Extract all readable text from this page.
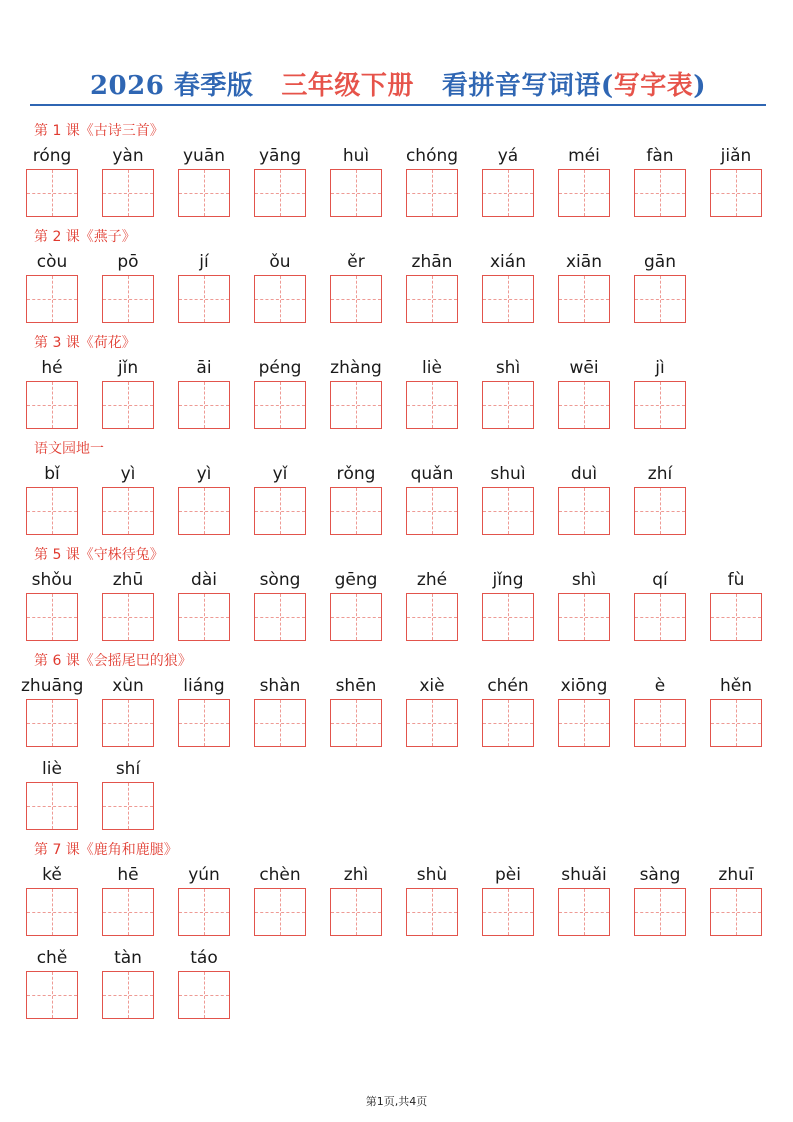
2026 春季版 三年级下册 看拼音写词语(写字表)
第 1 课《古诗三首》
róng	yàn	yuān	yāng	huì	chóng	yá	méi	fàn	jiǎn
第 2 课《燕子》
còu	pō	jí	ǒu	ěr	zhān	xián	xiān	gān
第 3 课《荷花》
hé	jǐn	āi	péng	zhàng	liè	shì	wēi	jì
语文园地一
bǐ	yì	yì	yǐ	rǒng	quǎn	shuì	duì	zhí
第 5 课《守株待兔》
shǒu	zhū	dài	sòng	gēng	zhé	jǐng	shì	qí	fù
第 6 课《会摇尾巴的狼》
zhuāng	xùn	liáng	shàn	shēn	xiè	chén	xiōng	è	hěn
liè	shí
第 7 课《鹿角和鹿腿》
kě	hē	yún	chèn	zhì	shù	pèi	shuǎi	sàng	zhuī
chě	tàn	táo
第1页,共4页
